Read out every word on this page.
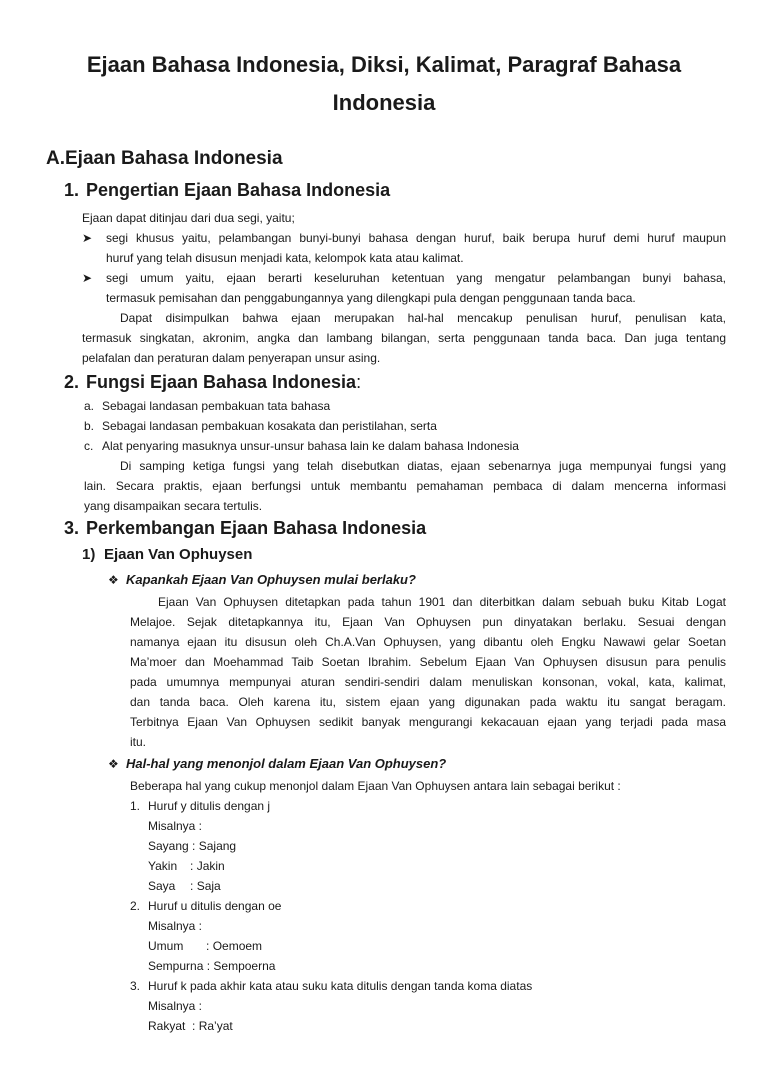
Ejaan Bahasa Indonesia, Diksi, Kalimat, Paragraf Bahasa
Indonesia
A.Ejaan Bahasa Indonesia
1. Pengertian Ejaan Bahasa Indonesia
Ejaan dapat ditinjau dari dua segi, yaitu;
➤ segi khusus yaitu, pelambangan bunyi-bunyi bahasa dengan huruf, baik berupa huruf demi huruf maupun
huruf yang telah disusun menjadi kata, kelompok kata atau kalimat.
➤ segi umum yaitu, ejaan berarti keseluruhan ketentuan yang mengatur pelambangan bunyi bahasa,
termasuk pemisahan dan penggabungannya yang dilengkapi pula dengan penggunaan tanda baca.
Dapat disimpulkan bahwa ejaan merupakan hal-hal mencakup penulisan huruf, penulisan kata,
termasuk singkatan, akronim, angka dan lambang bilangan, serta penggunaan tanda baca. Dan juga tentang
pelafalan dan peraturan dalam penyerapan unsur asing.
2. Fungsi Ejaan Bahasa Indonesia:
a. Sebagai landasan pembakuan tata bahasa
b. Sebagai landasan pembakuan kosakata dan peristilahan, serta
c. Alat penyaring masuknya unsur-unsur bahasa lain ke dalam bahasa Indonesia
Di samping ketiga fungsi yang telah disebutkan diatas, ejaan sebenarnya juga mempunyai fungsi yang
lain. Secara praktis, ejaan berfungsi untuk membantu pemahaman pembaca di dalam mencerna informasi
yang disampaikan secara tertulis.
3. Perkembangan Ejaan Bahasa Indonesia
1) Ejaan Van Ophuysen
❖ Kapankah Ejaan Van Ophuysen mulai berlaku?
Ejaan Van Ophuysen ditetapkan pada tahun 1901 dan diterbitkan dalam sebuah buku Kitab Logat
Melajoe. Sejak ditetapkannya itu, Ejaan Van Ophuysen pun dinyatakan berlaku. Sesuai dengan
namanya ejaan itu disusun oleh Ch.A.Van Ophuysen, yang dibantu oleh Engku Nawawi gelar Soetan
Ma’moer dan Moehammad Taib Soetan Ibrahim. Sebelum Ejaan Van Ophuysen disusun para penulis
pada umumnya mempunyai aturan sendiri-sendiri dalam menuliskan konsonan, vokal, kata, kalimat,
dan tanda baca. Oleh karena itu, sistem ejaan yang digunakan pada waktu itu sangat beragam.
Terbitnya Ejaan Van Ophuysen sedikit banyak mengurangi kekacauan ejaan yang terjadi pada masa
itu.
❖ Hal-hal yang menonjol dalam Ejaan Van Ophuysen?
Beberapa hal yang cukup menonjol dalam Ejaan Van Ophuysen antara lain sebagai berikut :
1. Huruf y ditulis dengan j
Misalnya :
Sayang : Sajang
Yakin : Jakin
Saya : Saja
2. Huruf u ditulis dengan oe
Misalnya :
Umum : Oemoem
Sempurna : Sempoerna
3. Huruf k pada akhir kata atau suku kata ditulis dengan tanda koma diatas
Misalnya :
Rakyat : Ra’yat
